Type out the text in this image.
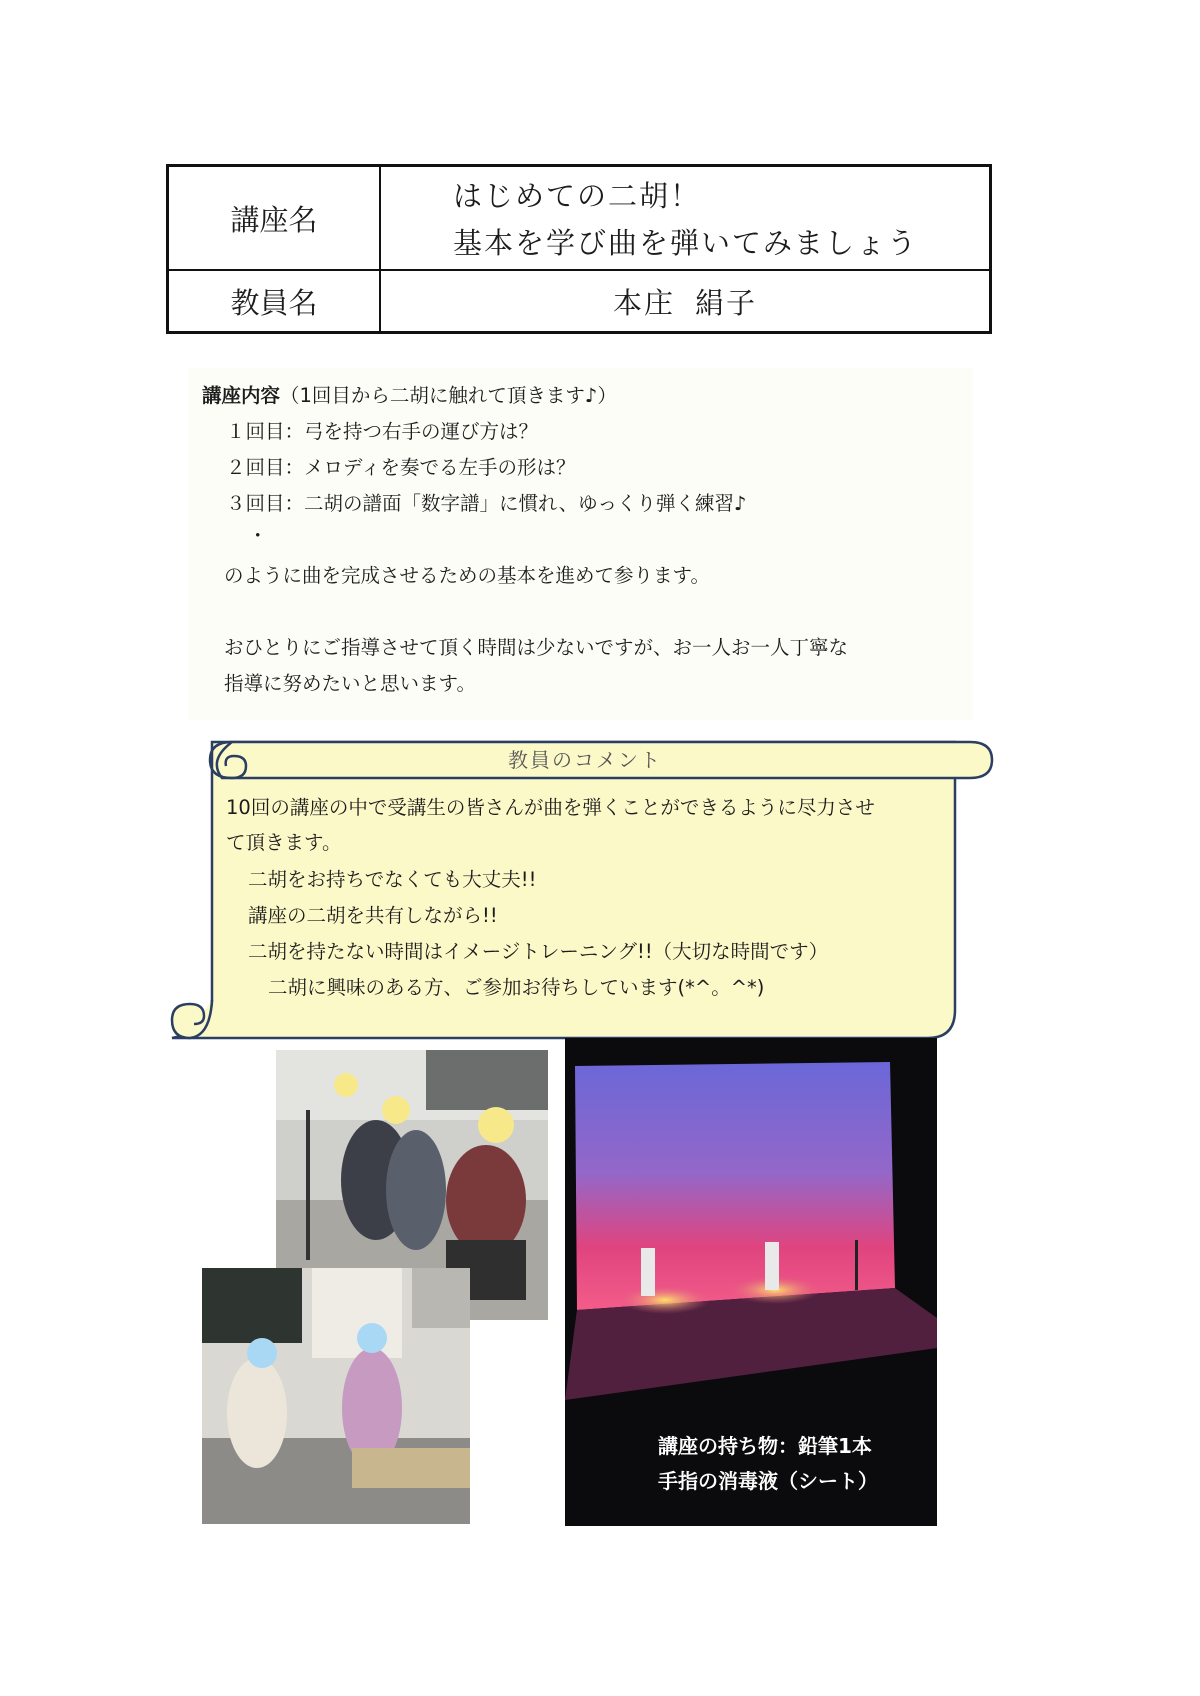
講座名
はじめての二胡！
基本を学び曲を弾いてみましょう
教員名	本庄 絹子
講座内容（1回目から二胡に触れて頂きます♪）
１回目：弓を持つ右手の運び方は？
２回目：メロディを奏でる左手の形は？
３回目：二胡の譜面「数字譜」に慣れ、ゆっくり弾く練習♪
・
のように曲を完成させるための基本を進めて参ります。
おひとりにご指導させて頂く時間は少ないですが、お一人お一人丁寧な
指導に努めたいと思います。
教員のコメント
10回の講座の中で受講生の皆さんが曲を弾くことができるように尽力させ
て頂きます。
二胡をお持ちでなくても大丈夫!!
講座の二胡を共有しながら!!
二胡を持たない時間はイメージトレーニング!!（大切な時間です）
二胡に興味のある方、ご参加お待ちしています(*^。^*)
講座の持ち物：鉛筆1本
手指の消毒液（シート）
